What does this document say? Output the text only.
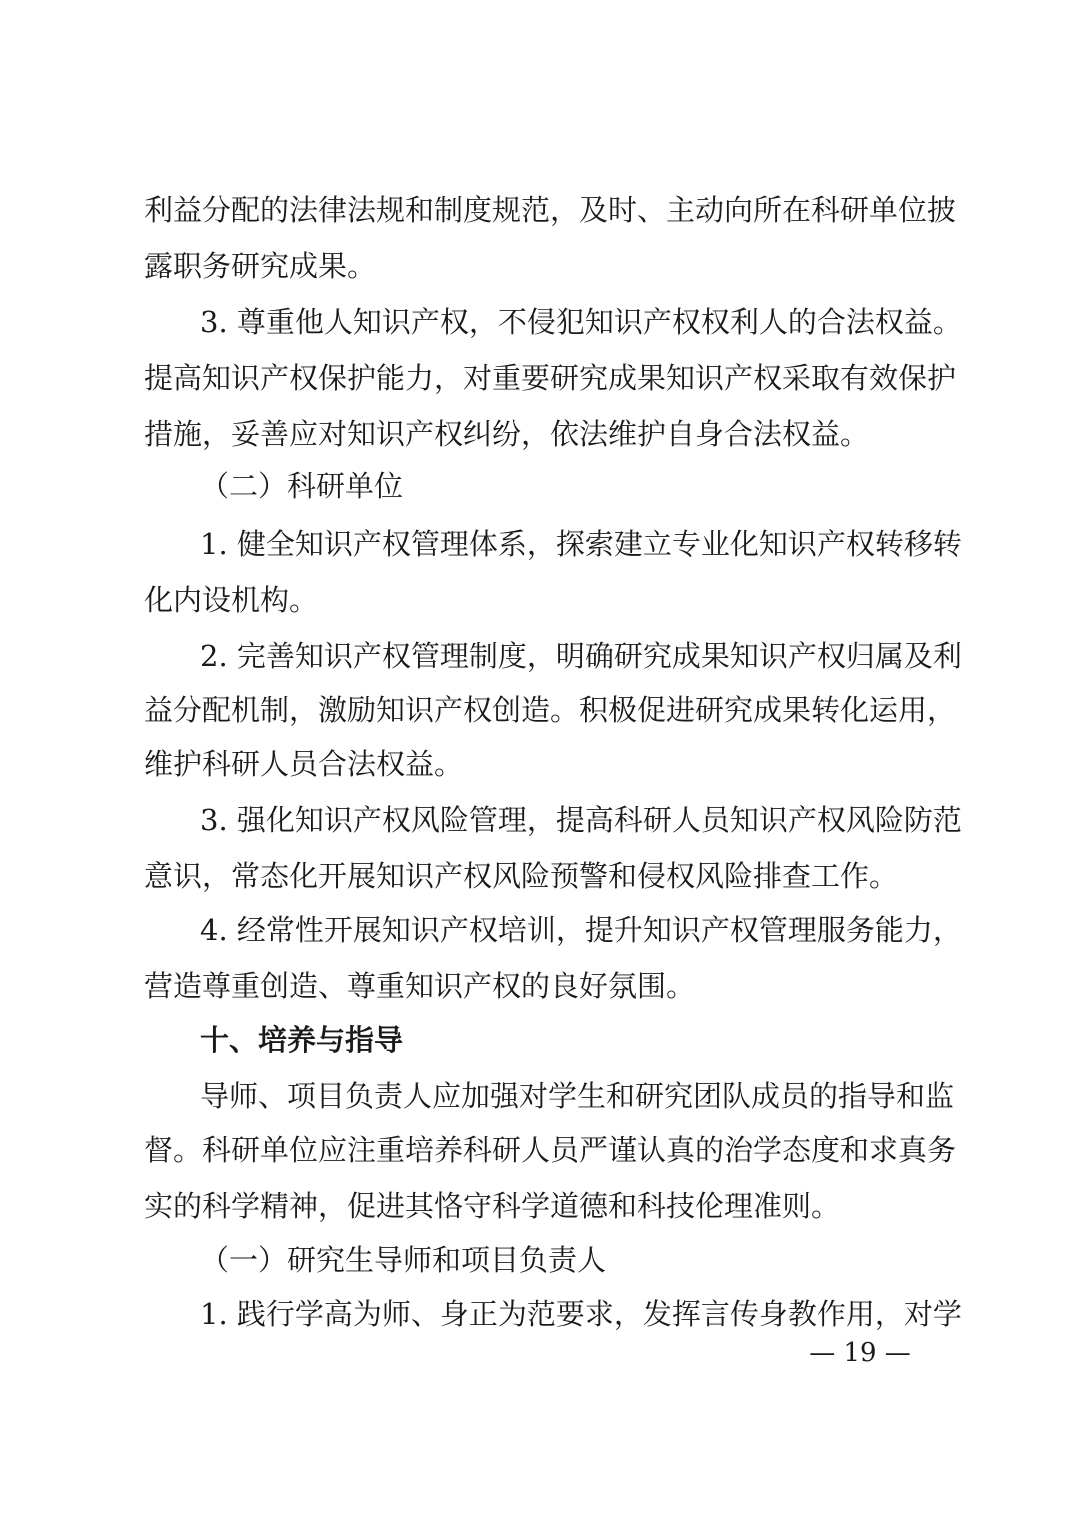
利益分配的法律法规和制度规范，及时、主动向所在科研单位披
露职务研究成果。
3. 尊重他人知识产权，不侵犯知识产权权利人的合法权益。
提高知识产权保护能力，对重要研究成果知识产权采取有效保护
措施，妥善应对知识产权纠纷，依法维护自身合法权益。
（二）科研单位
1. 健全知识产权管理体系，探索建立专业化知识产权转移转
化内设机构。
2. 完善知识产权管理制度，明确研究成果知识产权归属及利
益分配机制，激励知识产权创造。积极促进研究成果转化运用，
维护科研人员合法权益。
3. 强化知识产权风险管理，提高科研人员知识产权风险防范
意识，常态化开展知识产权风险预警和侵权风险排查工作。
4. 经常性开展知识产权培训，提升知识产权管理服务能力，
营造尊重创造、尊重知识产权的良好氛围。
十、培养与指导
导师、项目负责人应加强对学生和研究团队成员的指导和监
督。科研单位应注重培养科研人员严谨认真的治学态度和求真务
实的科学精神，促进其恪守科学道德和科技伦理准则。
（一）研究生导师和项目负责人
1. 践行学高为师、身正为范要求，发挥言传身教作用，对学
— 19 —
